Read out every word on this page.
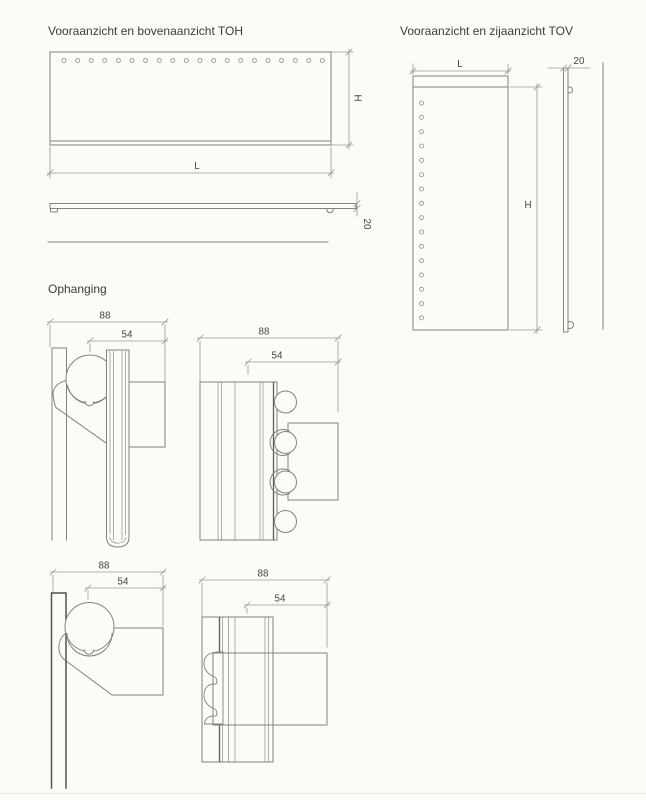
Vooraanzicht en bovenaanzicht TOH
H
L
20
Vooraanzicht en zijaanzicht TOV
L
H
20
Ophanging
88
54	88
54
88
54
88
54
